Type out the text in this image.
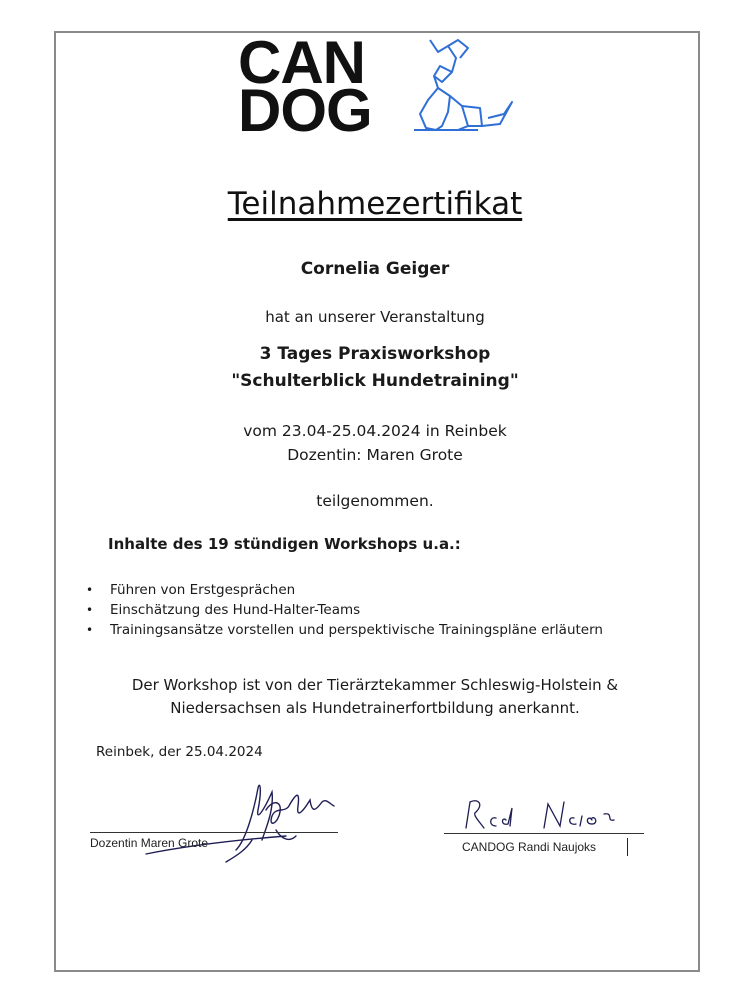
CAN
DOG
Teilnahmezertifikat
Cornelia Geiger
hat an unserer Veranstaltung
3 Tages Praxisworkshop
"Schulterblick Hundetraining"
vom 23.04-25.04.2024 in Reinbek
Dozentin: Maren Grote
teilgenommen.
Inhalte des 19 stündigen Workshops u.a.:
• Führen von Erstgesprächen
• Einschätzung des Hund-Halter-Teams
• Trainingsansätze vorstellen und perspektivische Trainingspläne erläutern
Der Workshop ist von der Tierärztekammer Schleswig-Holstein &
Niedersachsen als Hundetrainerfortbildung anerkannt.
Reinbek, der 25.04.2024
Dozentin Maren Grote	CANDOG Randi Naujoks
